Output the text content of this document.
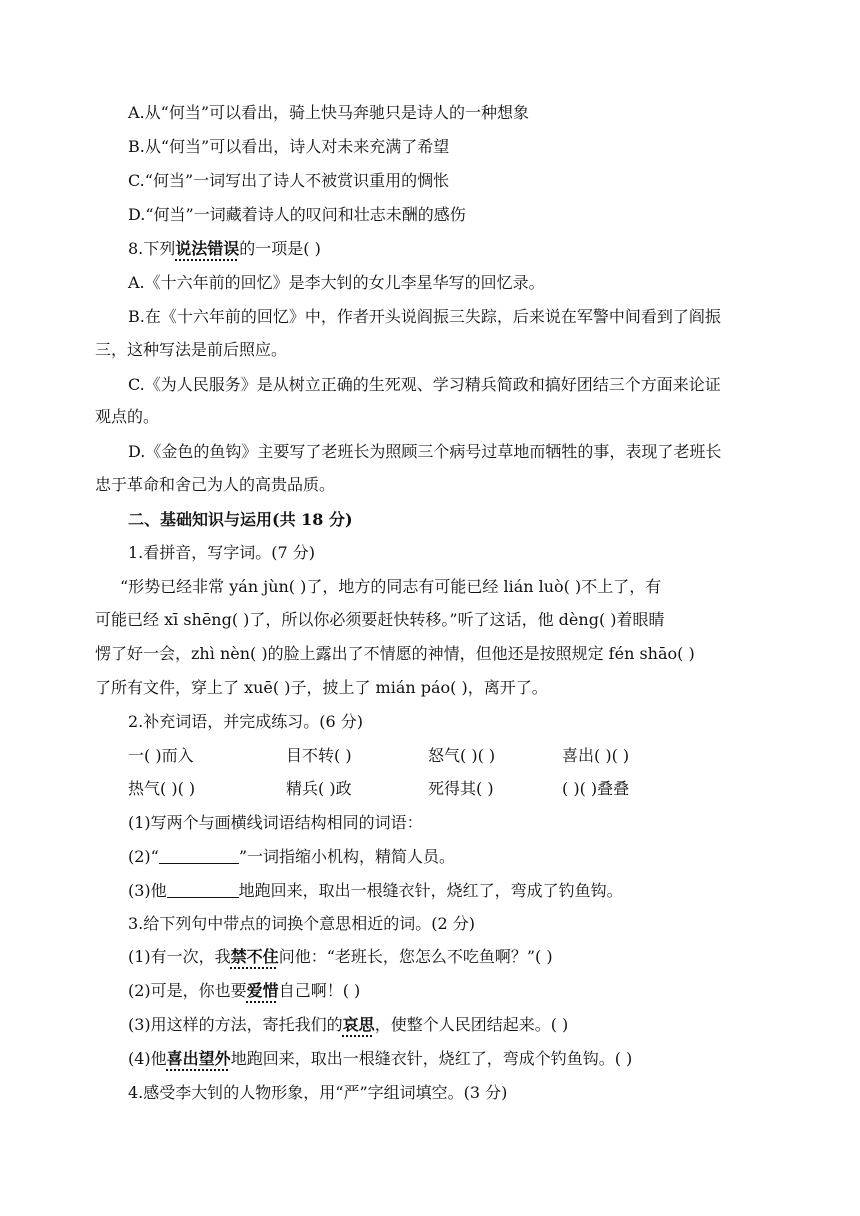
A.从“何当”可以看出，骑上快马奔驰只是诗人的一种想象
B.从“何当”可以看出，诗人对未来充满了希望
C.“何当”一词写出了诗人不被赏识重用的惆怅
D.“何当”一词藏着诗人的叹问和壮志未酬的感伤
8.下列说法错误的一项是( )
A.《十六年前的回忆》是李大钊的女儿李星华写的回忆录。
B.在《十六年前的回忆》中，作者开头说阎振三失踪，后来说在军警中间看到了阎振
三，这种写法是前后照应。
C.《为人民服务》是从树立正确的生死观、学习精兵简政和搞好团结三个方面来论证
观点的。
D.《金色的鱼钩》主要写了老班长为照顾三个病号过草地而牺牲的事，表现了老班长
忠于革命和舍己为人的高贵品质。
二、基础知识与运用(共 18 分)
1.看拼音，写字词。(7 分)
“形势已经非常 yán jùn( )了，地方的同志有可能已经 lián luò( )不上了，有
可能已经 xī shēng( )了，所以你必须要赶快转移。”听了这话，他 dèng( )着眼睛
愣了好一会，zhì nèn( )的脸上露出了不情愿的神情，但他还是按照规定 fén shāo( )
了所有文件，穿上了 xuē( )子，披上了 mián páo( )，离开了。
2.补充词语，并完成练习。(6 分)
一( )而入	目不转( )	怒气( )( )	喜出( )( )
热气( )( )	精兵( )政	死得其( )	( )( )叠叠
(1)写两个与画横线词语结构相同的词语：
(2)“	”一词指缩小机构，精简人员。
(3)他	地跑回来，取出一根缝衣针，烧红了，弯成了钓鱼钩。
3.给下列句中带点的词换个意思相近的词。(2 分)
(1)有一次，我禁不住问他：“老班长，您怎么不吃鱼啊？”( )
(2)可是，你也要爱惜自己啊！( )
(3)用这样的方法，寄托我们的哀思，使整个人民团结起来。( )
(4)他喜出望外地跑回来，取出一根缝衣针，烧红了，弯成个钓鱼钩。( )
4.感受李大钊的人物形象，用“严”字组词填空。(3 分)
